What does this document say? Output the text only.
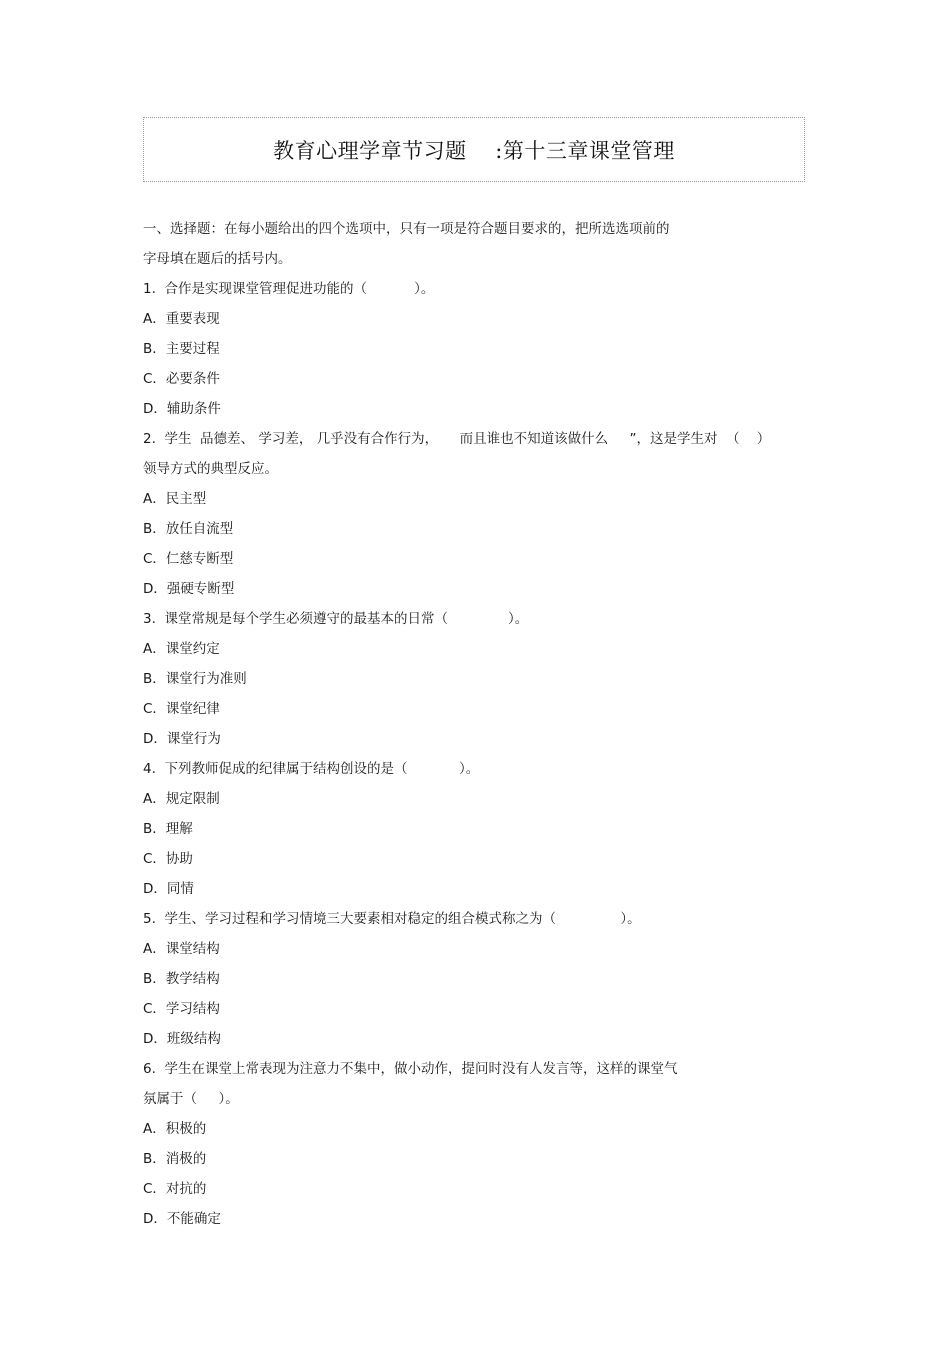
教育心理学章节习题    :第十三章课堂管理
一、选择题：在每小题给出的四个选项中，只有一项是符合题目要求的，把所选选项前的
字母填在题后的括号内。
1.  合作是实现课堂管理促进功能的（           ）。
A．重要表现
B．主要过程
C．必要条件
D．辅助条件
2.  学生  品德差、 学习差， 几乎没有合作行为，     而且谁也不知道该做什么     ”，这是学生对  （    ）
领导方式的典型反应。
A．民主型
B．放任自流型
C．仁慈专断型
D．强硬专断型
3.  课堂常规是每个学生必须遵守的最基本的日常（              ）。
A．课堂约定
B．课堂行为准则
C．课堂纪律
D．课堂行为
4.  下列教师促成的纪律属于结构创设的是（            ）。
A．规定限制
B．理解
C．协助
D．同情
5.  学生、学习过程和学习情境三大要素相对稳定的组合模式称之为（               ）。
A．课堂结构
B．教学结构
C．学习结构
D．班级结构
6.  学生在课堂上常表现为注意力不集中，做小动作，提问时没有人发言等，这样的课堂气
氛属于（     ）。
A．积极的
B．消极的
C．对抗的
D．不能确定
